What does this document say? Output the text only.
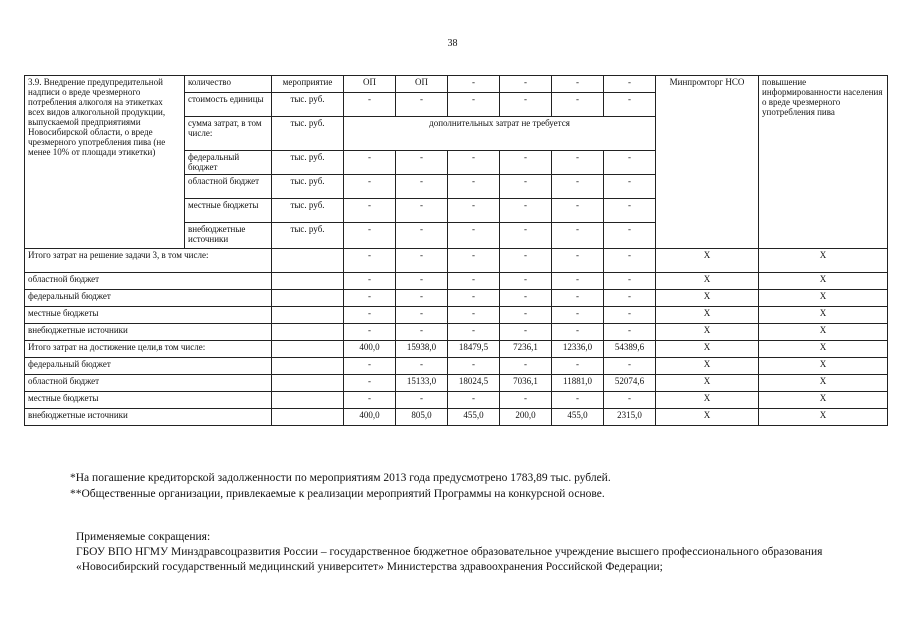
38
3.9. Внедрение предупредительной надписи о вреде чрезмерного потребления алкоголя на этикетках всех видов алкогольной продукции, выпускаемой предприятиями Новосибирской области, о вреде чрезмерного употребления пива (не менее 10% от площади этикетки)	количество	мероприятие	ОП	ОП	-	-	-	-	Минпромторг НСО	повышение информированности населения о вреде чрезмерного употребления пива
	стоимость единицы	тыс. руб.	-	-	-	-	-	-		
	сумма затрат, в том числе:	тыс. руб.	дополнительных затрат не требуется							
	федеральный бюджет	тыс. руб.	-	-	-	-	-	-		
	областной бюджет	тыс. руб.	-	-	-	-	-	-		
	местные бюджеты	тыс. руб.	-	-	-	-	-	-		
	внебюджетные источники	тыс. руб.	-	-	-	-	-	-		
Итого затрат на решение задачи 3, в том числе:			-	-	-	-	-	-	Х	Х
областной бюджет			-	-	-	-	-	-	Х	Х
федеральный бюджет			-	-	-	-	-	-	Х	Х
местные бюджеты			-	-	-	-	-	-	Х	Х
внебюджетные источники			-	-	-	-	-	-	Х	Х
Итого затрат на достижение цели,в том числе:			400,0	15938,0	18479,5	7236,1	12336,0	54389,6	Х	Х
федеральный бюджет			-	-	-	-	-	-	Х	Х
областной бюджет			-	15133,0	18024,5	7036,1	11881,0	52074,6	Х	Х
местные бюджеты			-	-	-	-	-	-	Х	Х
внебюджетные источники			400,0	805,0	455,0	200,0	455,0	2315,0	Х	Х
*На погашение кредиторской задолженности по мероприятиям 2013 года предусмотрено 1783,89 тыс. рублей.
**Общественные организации, привлекаемые к реализации мероприятий Программы на конкурсной основе.

Применяемые сокращения:

ГБОУ ВПО НГМУ Минздравсоцразвития России – государственное бюджетное образовательное учреждение высшего профессионального образования «Новосибирский государственный медицинский университет» Министерства здравоохранения Российской Федерации;
